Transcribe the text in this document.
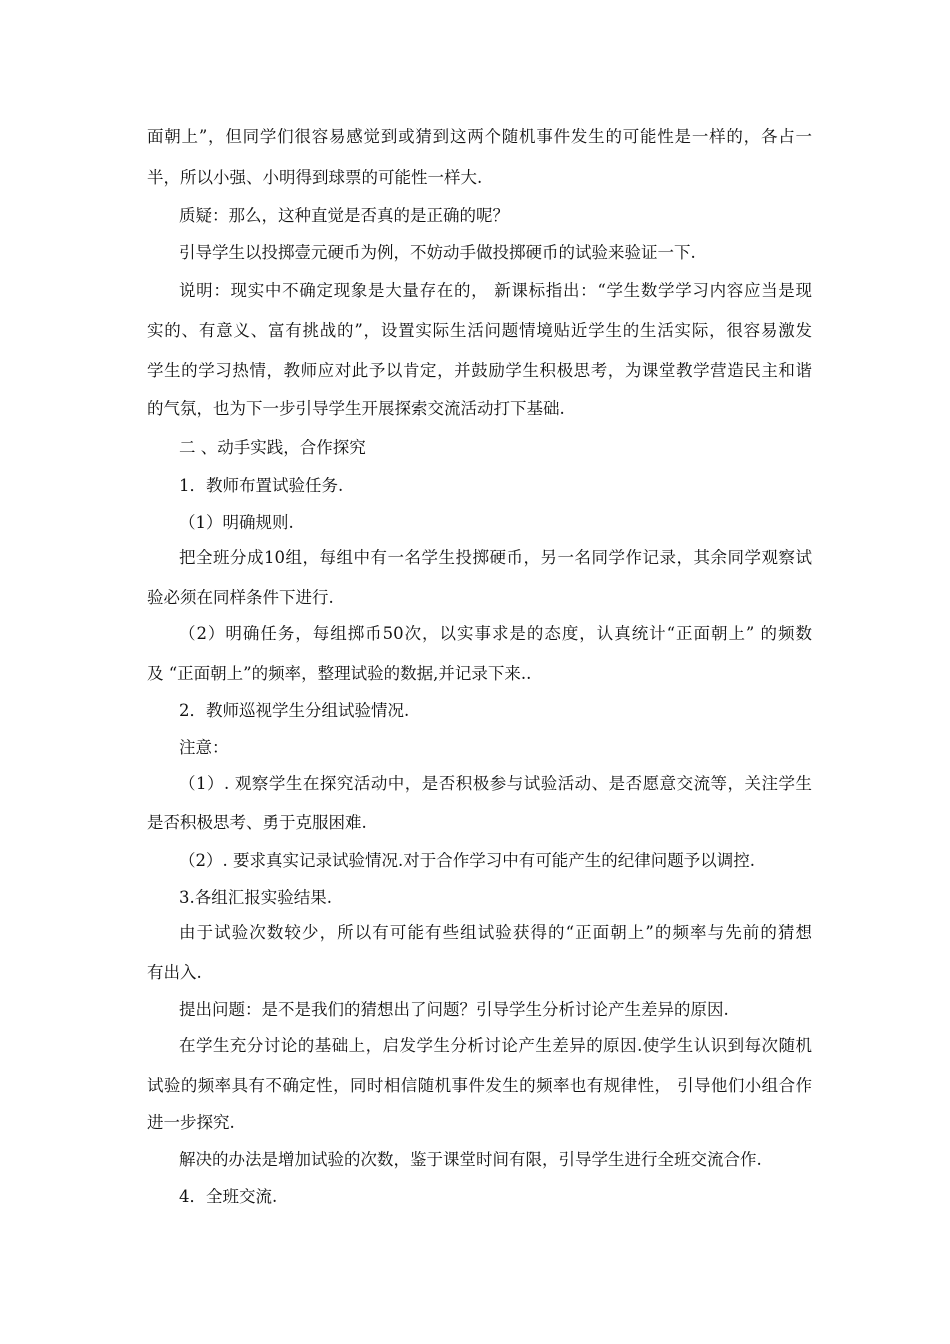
面朝上”，但同学们很容易感觉到或猜到这两个随机事件发生的可能性是一样的，各占一
半，所以小强、小明得到球票的可能性一样大.
质疑：那么，这种直觉是否真的是正确的呢？
引导学生以投掷壹元硬币为例，不妨动手做投掷硬币的试验来验证一下.
说明：现实中不确定现象是大量存在的， 新课标指出：“学生数学学习内容应当是现
实的、有意义、富有挑战的”，设置实际生活问题情境贴近学生的生活实际，很容易激发
学生的学习热情，教师应对此予以肯定，并鼓励学生积极思考，为课堂教学营造民主和谐
的气氛，也为下一步引导学生开展探索交流活动打下基础.
二 、动手实践，合作探究
1．教师布置试验任务.
（1）明确规则.
把全班分成10组，每组中有一名学生投掷硬币，另一名同学作记录，其余同学观察试
验必须在同样条件下进行.
（2）明确任务，每组掷币50次，以实事求是的态度，认真统计“正面朝上” 的频数
及 “正面朝上”的频率，整理试验的数据,并记录下来..
2．教师巡视学生分组试验情况.
注意：
（1）. 观察学生在探究活动中，是否积极参与试验活动、是否愿意交流等，关注学生
是否积极思考、勇于克服困难.
（2）. 要求真实记录试验情况.对于合作学习中有可能产生的纪律问题予以调控.
3.各组汇报实验结果.
由于试验次数较少，所以有可能有些组试验获得的“正面朝上”的频率与先前的猜想
有出入.
提出问题：是不是我们的猜想出了问题？引导学生分析讨论产生差异的原因.
在学生充分讨论的基础上，启发学生分析讨论产生差异的原因.使学生认识到每次随机
试验的频率具有不确定性，同时相信随机事件发生的频率也有规律性， 引导他们小组合作
进一步探究.
解决的办法是增加试验的次数，鉴于课堂时间有限，引导学生进行全班交流合作.
4．全班交流.
